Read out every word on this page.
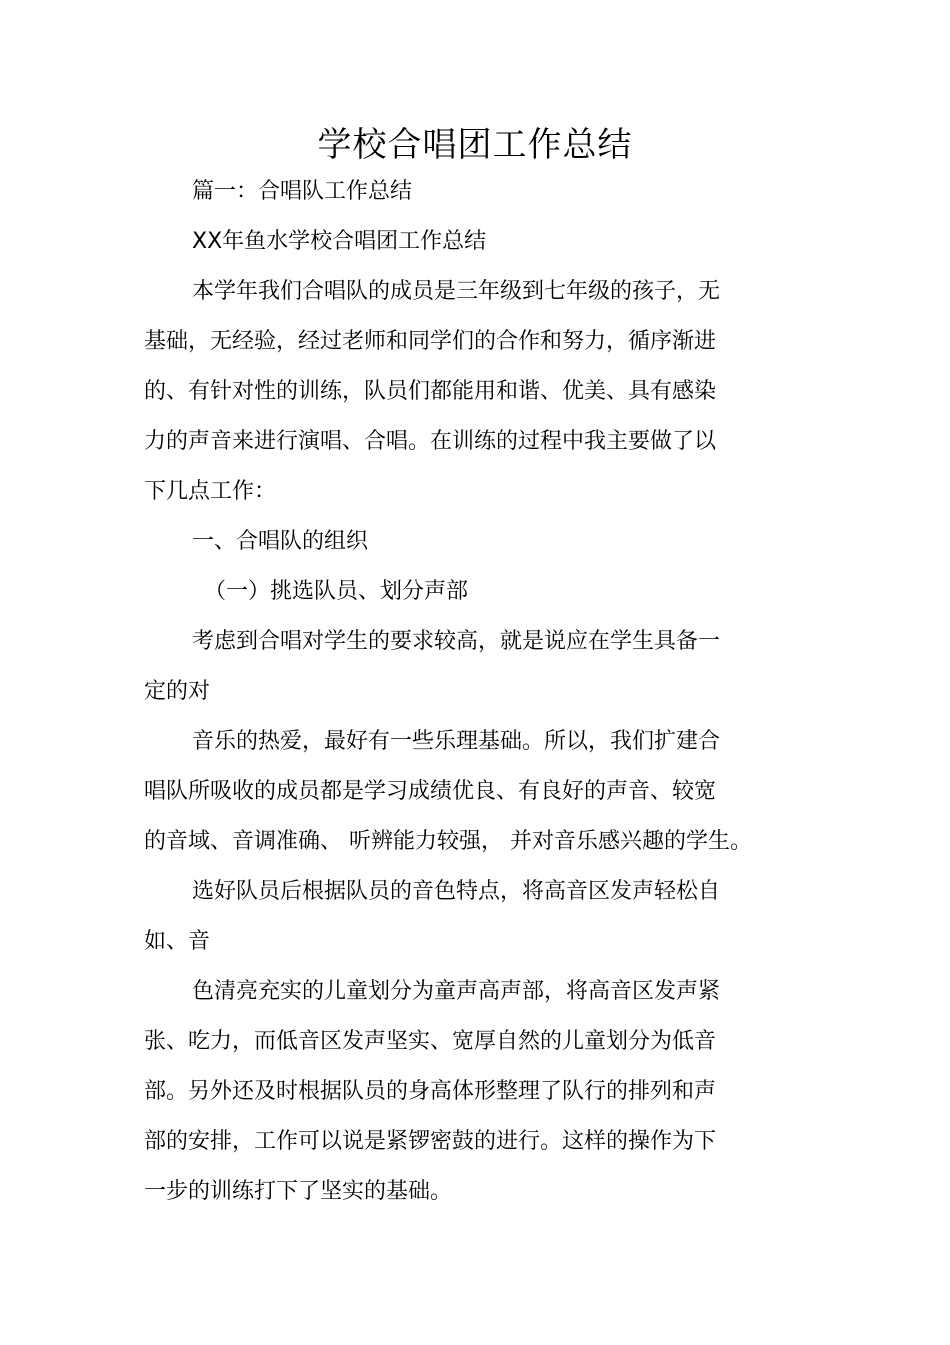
学校合唱团工作总结
篇一：合唱队工作总结
XX年鱼水学校合唱团工作总结
本学年我们合唱队的成员是三年级到七年级的孩子，无
基础，无经验，经过老师和同学们的合作和努力，循序渐进
的、有针对性的训练，队员们都能用和谐、优美、具有感染
力的声音来进行演唱、合唱。在训练的过程中我主要做了以
下几点工作：
一、合唱队的组织
（一）挑选队员、划分声部
考虑到合唱对学生的要求较高，就是说应在学生具备一
定的对
音乐的热爱，最好有一些乐理基础。所以，我们扩建合
唱队所吸收的成员都是学习成绩优良、有良好的声音、较宽
的音域、音调准确、 听辨能力较强， 并对音乐感兴趣的学生。
选好队员后根据队员的音色特点，将高音区发声轻松自
如、音
色清亮充实的儿童划分为童声高声部，将高音区发声紧
张、吃力，而低音区发声坚实、宽厚自然的儿童划分为低音
部。另外还及时根据队员的身高体形整理了队行的排列和声
部的安排，工作可以说是紧锣密鼓的进行。这样的操作为下
一步的训练打下了坚实的基础。
